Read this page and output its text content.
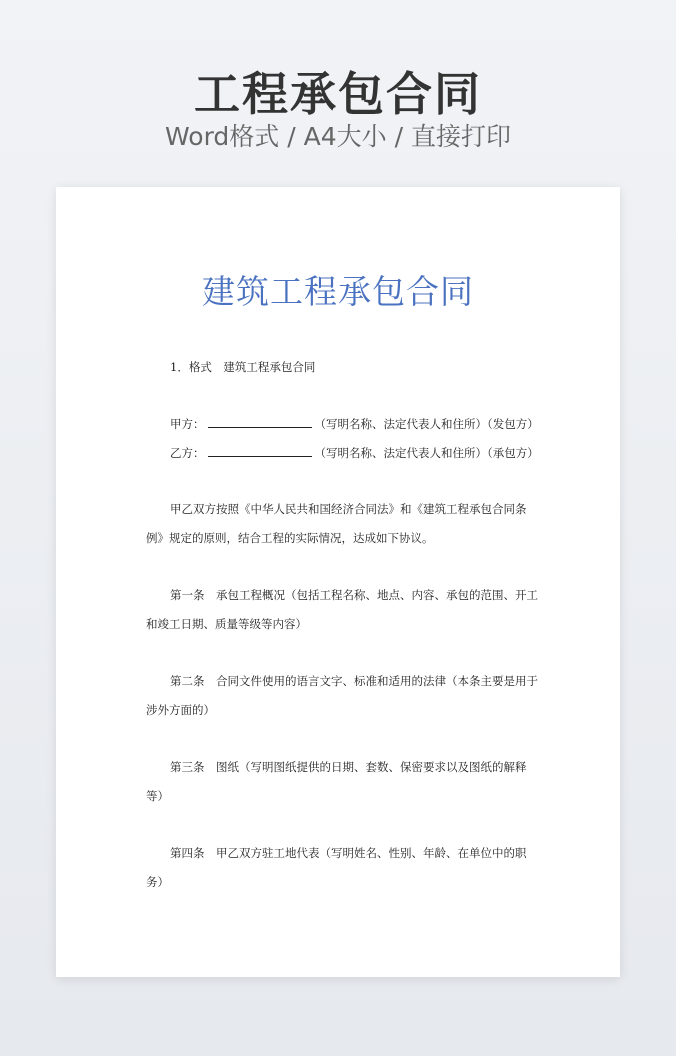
工程承包合同
Word格式 / A4大小 / 直接打印
建筑工程承包合同
1．格式　建筑工程承包合同
甲方：	（写明名称、法定代表人和住所）（发包方）
乙方：	（写明名称、法定代表人和住所）（承包方）
甲乙双方按照《中华人民共和国经济合同法》和《建筑工程承包合同条
例》规定的原则，结合工程的实际情况，达成如下协议。
第一条　承包工程概况（包括工程名称、地点、内容、承包的范围、开工
和竣工日期、质量等级等内容）
第二条　合同文件使用的语言文字、标准和适用的法律（本条主要是用于
涉外方面的）
第三条　图纸（写明图纸提供的日期、套数、保密要求以及图纸的解释
等）
第四条　甲乙双方驻工地代表（写明姓名、性别、年龄、在单位中的职
务）
